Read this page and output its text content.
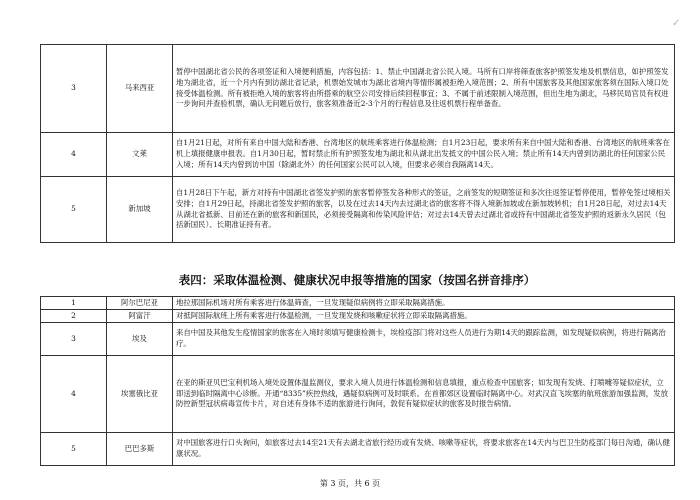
✓
3	马来西亚	暂停中国湖北省公民的各项签证和入境便利措施，内容包括：1、禁止中国湖北省公民入境。马所有口岸将筛查旅客护照签发地及机票信息，如护照签发地为湖北省，近一个月内有到访湖北省记录，机票始发城市为湖北省境内等情形属被拒绝入境范围；2、所有中国旅客及其他国家旅客须在国际入境口处接受体温检测。所有被拒绝入境的旅客将由所搭乘的航空公司安排后续回程事宜；3、不属于前述限制入境范围，但出生地为湖北，马移民局官员有权进一步询问并查验机票，确认无问题后放行，旅客须准备近2-3个月的行程信息及往返机票行程单备查。
4	文莱	自1月21日起，对所有来自中国大陆和香港、台湾地区的航班乘客进行体温检测；自1月23日起，要求所有来自中国大陆和香港、台湾地区的航班乘客在机上填报健康申报表。自1月30日起，暂时禁止所有护照签发地为湖北和从湖北出发抵文的中国公民入境；禁止所有14天内曾到访湖北的任何国家公民入境；所有14天内曾到访中国（除湖北外）的任何国家公民可以入境，但要求必须自我隔离14天。
5	新加坡	自1月28日下午起，新方对持有中国湖北省签发护照的旅客暂停签发各种形式的签证，之前签发的短期签证和多次往返签证暂停使用，暂停免签过境相关安排；自1月29日起，持湖北省签发护照的旅客，以及在过去14天内去过湖北省的旅客将不得入境新加坡或在新加坡转机；自1月28日起，对过去14天从湖北省抵新、目前还在新的旅客和新国民，必须接受隔离和传染风险评估；对过去14天曾去过湖北省或持有中国湖北省签发护照的返新永久居民（包括新国民）、长期准证持有者。
表四：采取体温检测、健康状况申报等措施的国家（按国名拼音排序）
1	阿尔巴尼亚	地拉那国际机场对所有乘客进行体温筛查，一旦发现疑似病例将立即采取隔离措施。
2	阿富汗	对抵阿国际航班上所有乘客进行体温检测，一旦发现发烧和咳嗽症状将立即采取隔离措施。
3	埃及	来自中国及其他发生疫情国家的旅客在入境时须填写健康检测卡，埃检疫部门将对这些人员进行为期14天的跟踪监测，如发现疑似病例，将进行隔离治疗。
4	埃塞俄比亚	在亚的斯亚贝巴宝利机场入境处设置体温监测仪，要求入境人员进行体温检测和信息填报，重点检查中国旅客；如发现有发烧、打喷嚏等疑似症状，立即送到临时隔离中心诊断。开通“8335”疾控热线，遇疑似病例可及时联系。在首都郊区设置临时隔离中心。对武汉直飞埃塞的航班旅游加强监测，发放防控新型冠状病毒宣传卡片，对自述有身体不适的旅游进行询问，敦促有疑似症状的旅客及时报告病情。
5	巴巴多斯	对中国旅客进行口头询问，如旅客过去14至21天有去湖北省旅行经历或有发烧、咳嗽等症状，将要求旅客在14天内与巴卫生防疫部门每日沟通，确认健康状况。
第 3 页，共 6 页
